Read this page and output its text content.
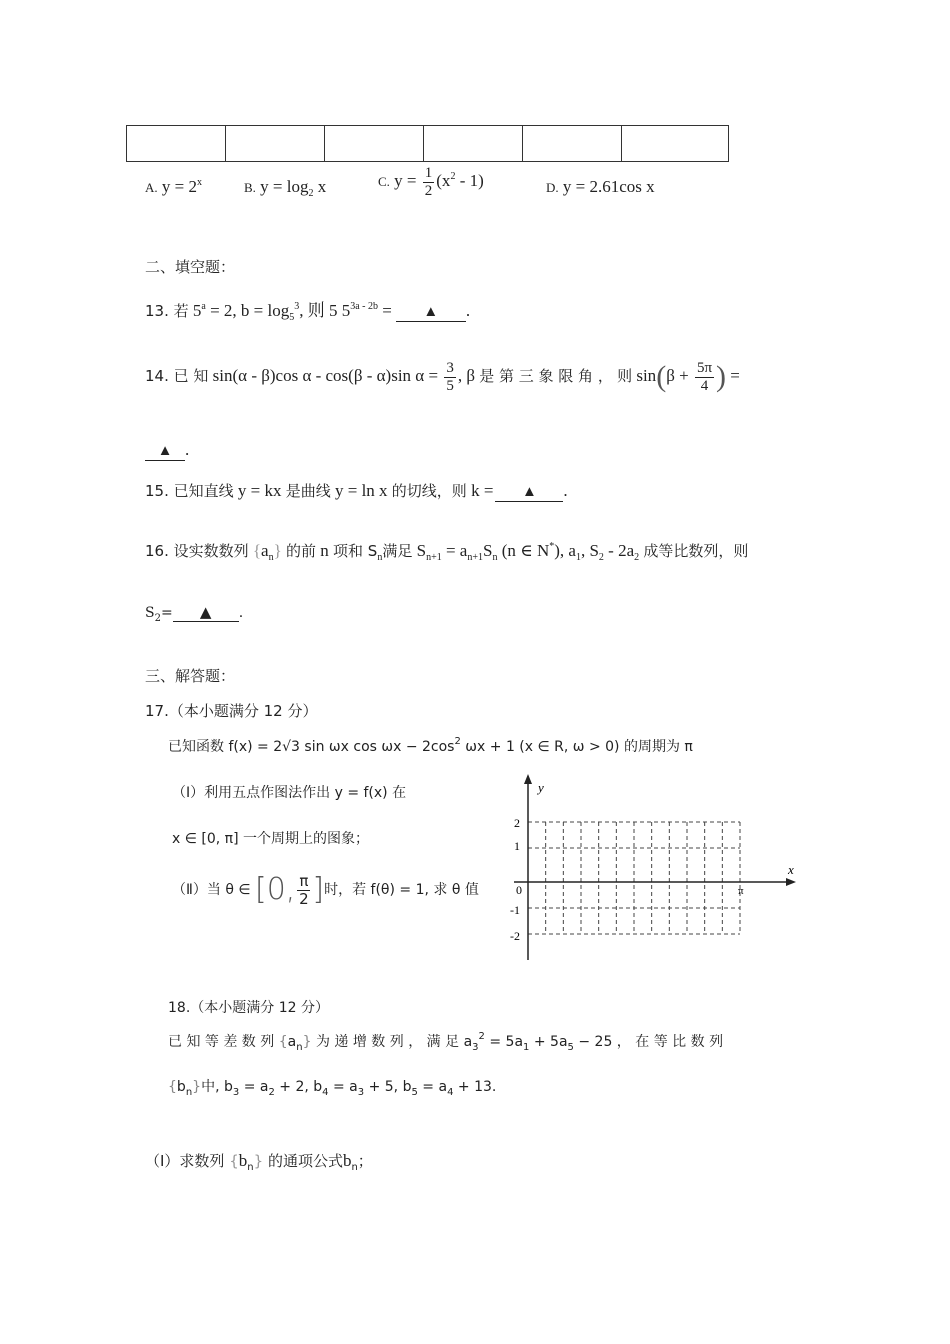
A. $y = 2^x$	B. $y = \log_2 x$	C. $y = \frac{1}{2} (x^2 - 1)$	D. y = 2.61cos x
二、填空题：
13. 若 $5^a = 2$, $b = \log_5^3$, 则 5 $5^{3a - 2b}$ = ▲ .
14. 已 知 sin(α - β)cos α - cos(β - α)sin $\alpha = \frac{3}{5}$ , β 是 第 三 象 限 角 ， 则 $\sin(\beta + \frac{5\pi}{4}$ ) =
▲ .
15. 已知直线 y = kx 是曲线 y = ln x 的切线，则 k = ▲ .
16. 设实数数列 $\{a_n\}$ 的前 n 项和 $S_n$满足 $S_{n+1} = a_{n+1}S_n$ (n ∈ N*), $a_1$, $S_2 - 2a_2$ 成等比数列，则
$S_2=$ ▲ .
三、解答题：
17.（本小题满分 12 分）
已知函数 f(x) = 2√3 sin ωx $\cos \omega x - 2\cos^2$ ωx + 1 (x ∈ R, ω > 0) 的周期为 π
（Ⅰ）利用五点作图法作出 y = f(x) 在
x ∈ [0, π] 一个周期上的图象；
（Ⅱ）当 θ ∈ [0, $\frac{\pi}{2}$ ]时，若 f(θ) = 1, 求 θ 值
y
x
π
0
2
1
-1
-2
18.（本小题满分 12 分）
已 知 等 差 数 列 $\{a_n\}$ 为 递 增 数 列 ， 满 足 $a_3^2 = 5a_1 + 5a_5 - 25$ ， 在 等 比 数 列
$\{b_n\}$中, $b_3 = a_2 + 2$, $b_4 = a_3 + 5$, $b_5 = a_4 + 13$.
（Ⅰ）求数列 $\{b_n\}$ 的通项公式$b_n$；
